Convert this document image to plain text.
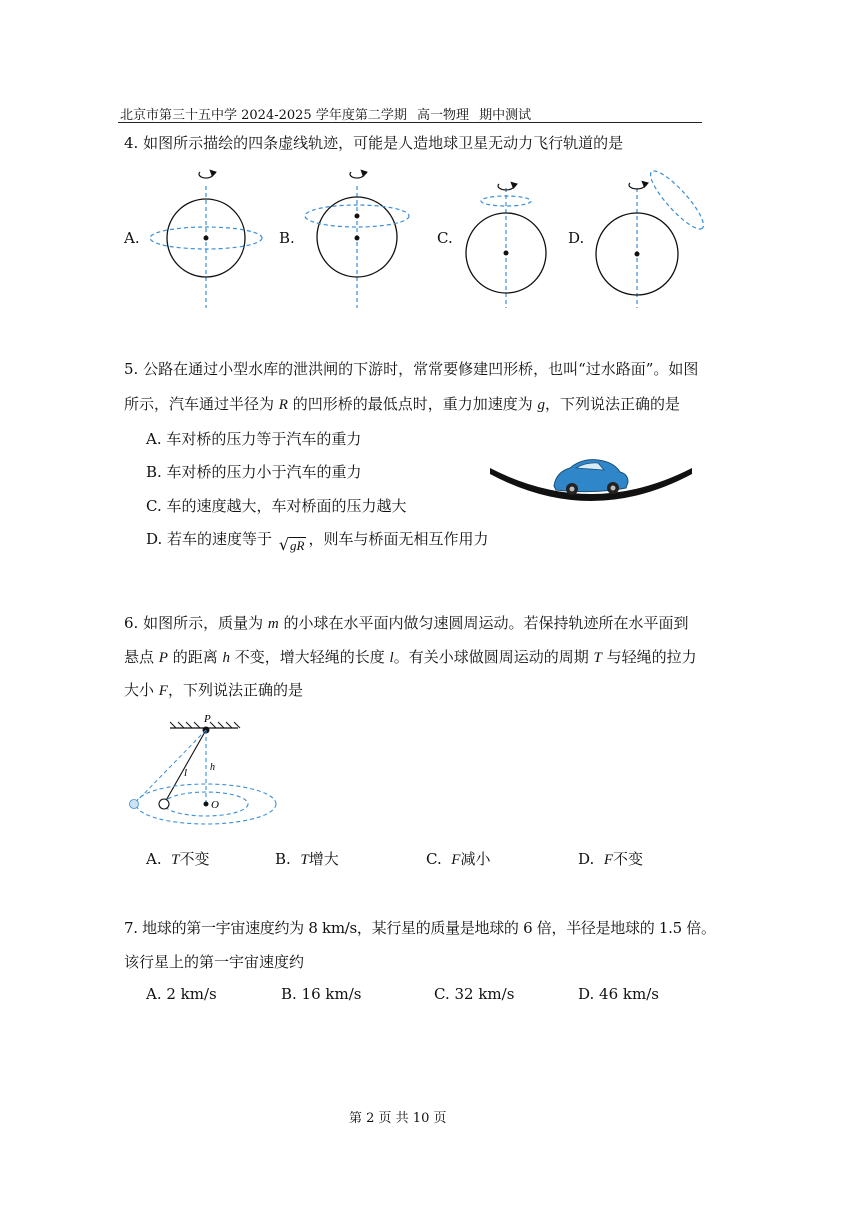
北京市第三十五中学 2024-2025 学年度第二学期 高一物理 期中测试
4. 如图所示描绘的四条虚线轨迹，可能是人造地球卫星无动力飞行轨道的是
A.	B.	C.	D.
5. 公路在通过小型水库的泄洪闸的下游时，常常要修建凹形桥，也叫“过水路面”。如图
所示，汽车通过半径为 R 的凹形桥的最低点时，重力加速度为 g，下列说法正确的是
A. 车对桥的压力等于汽车的重力
B. 车对桥的压力小于汽车的重力
C. 车的速度越大，车对桥面的压力越大
D. 若车的速度等于 √gR ，则车与桥面无相互作用力
6. 如图所示，质量为 m 的小球在水平面内做匀速圆周运动。若保持轨迹所在水平面到
悬点 P 的距离 h 不变，增大轻绳的长度 l。有关小球做圆周运动的周期 T 与轻绳的拉力
大小 F，下列说法正确的是
P
h
l
O
A. T不变	B. T增大	C. F减小	D. F不变
7. 地球的第一宇宙速度约为 8 km/s，某行星的质量是地球的 6 倍，半径是地球的 1.5 倍。
该行星上的第一宇宙速度约
A. 2 km/s	B. 16 km/s	C. 32 km/s	D. 46 km/s
第 2 页 共 10 页
